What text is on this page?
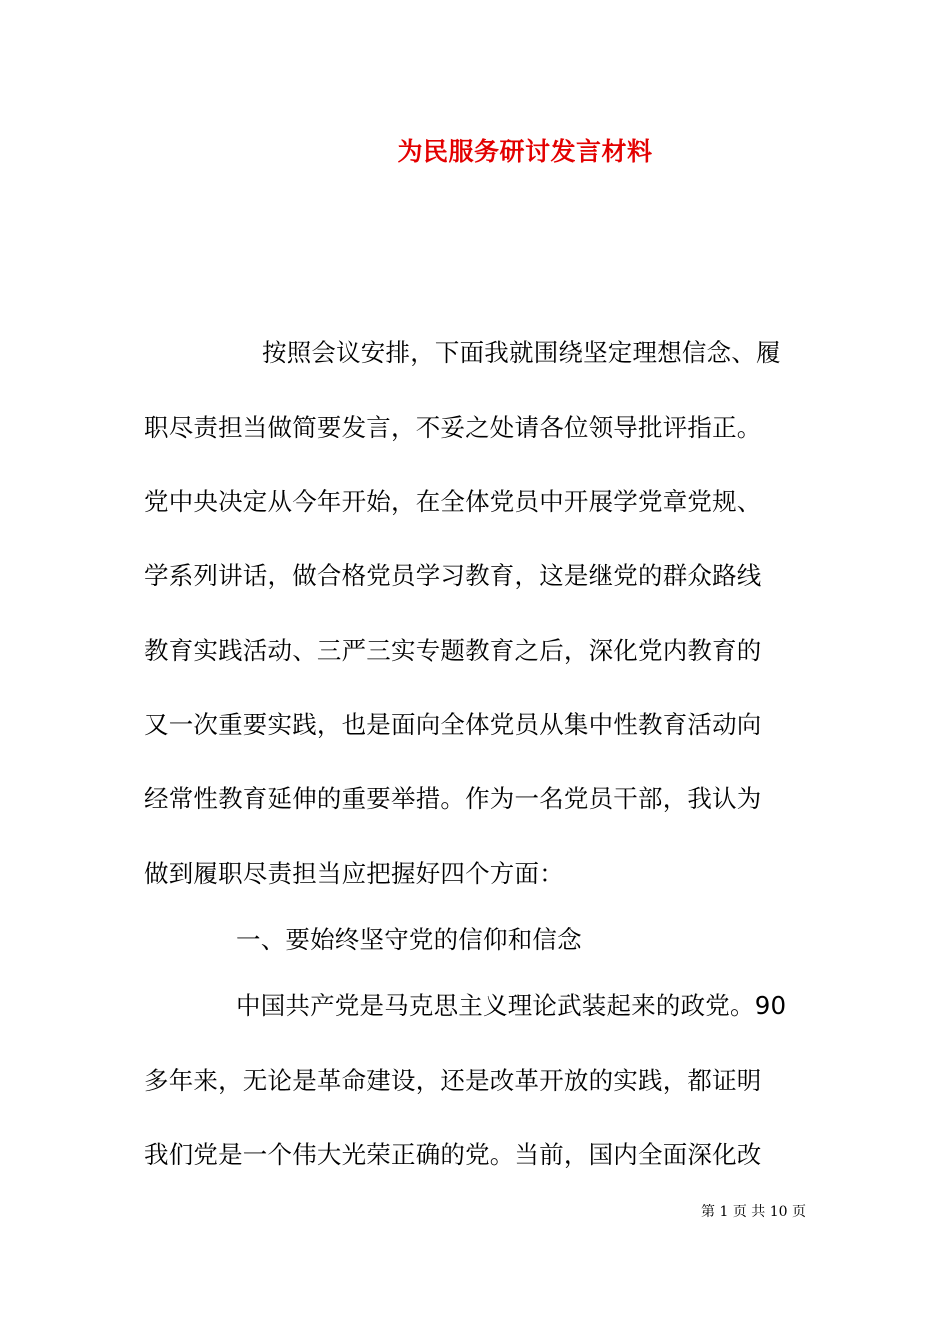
为民服务研讨发言材料
按照会议安排，下面我就围绕坚定理想信念、履
职尽责担当做简要发言，不妥之处请各位领导批评指正。
党中央决定从今年开始，在全体党员中开展学党章党规、
学系列讲话，做合格党员学习教育，这是继党的群众路线
教育实践活动、三严三实专题教育之后，深化党内教育的
又一次重要实践，也是面向全体党员从集中性教育活动向
经常性教育延伸的重要举措。作为一名党员干部，我认为
做到履职尽责担当应把握好四个方面：
一、要始终坚守党的信仰和信念
中国共产党是马克思主义理论武装起来的政党。90
多年来，无论是革命建设，还是改革开放的实践，都证明
我们党是一个伟大光荣正确的党。当前，国内全面深化改
第 1 页 共 10 页
